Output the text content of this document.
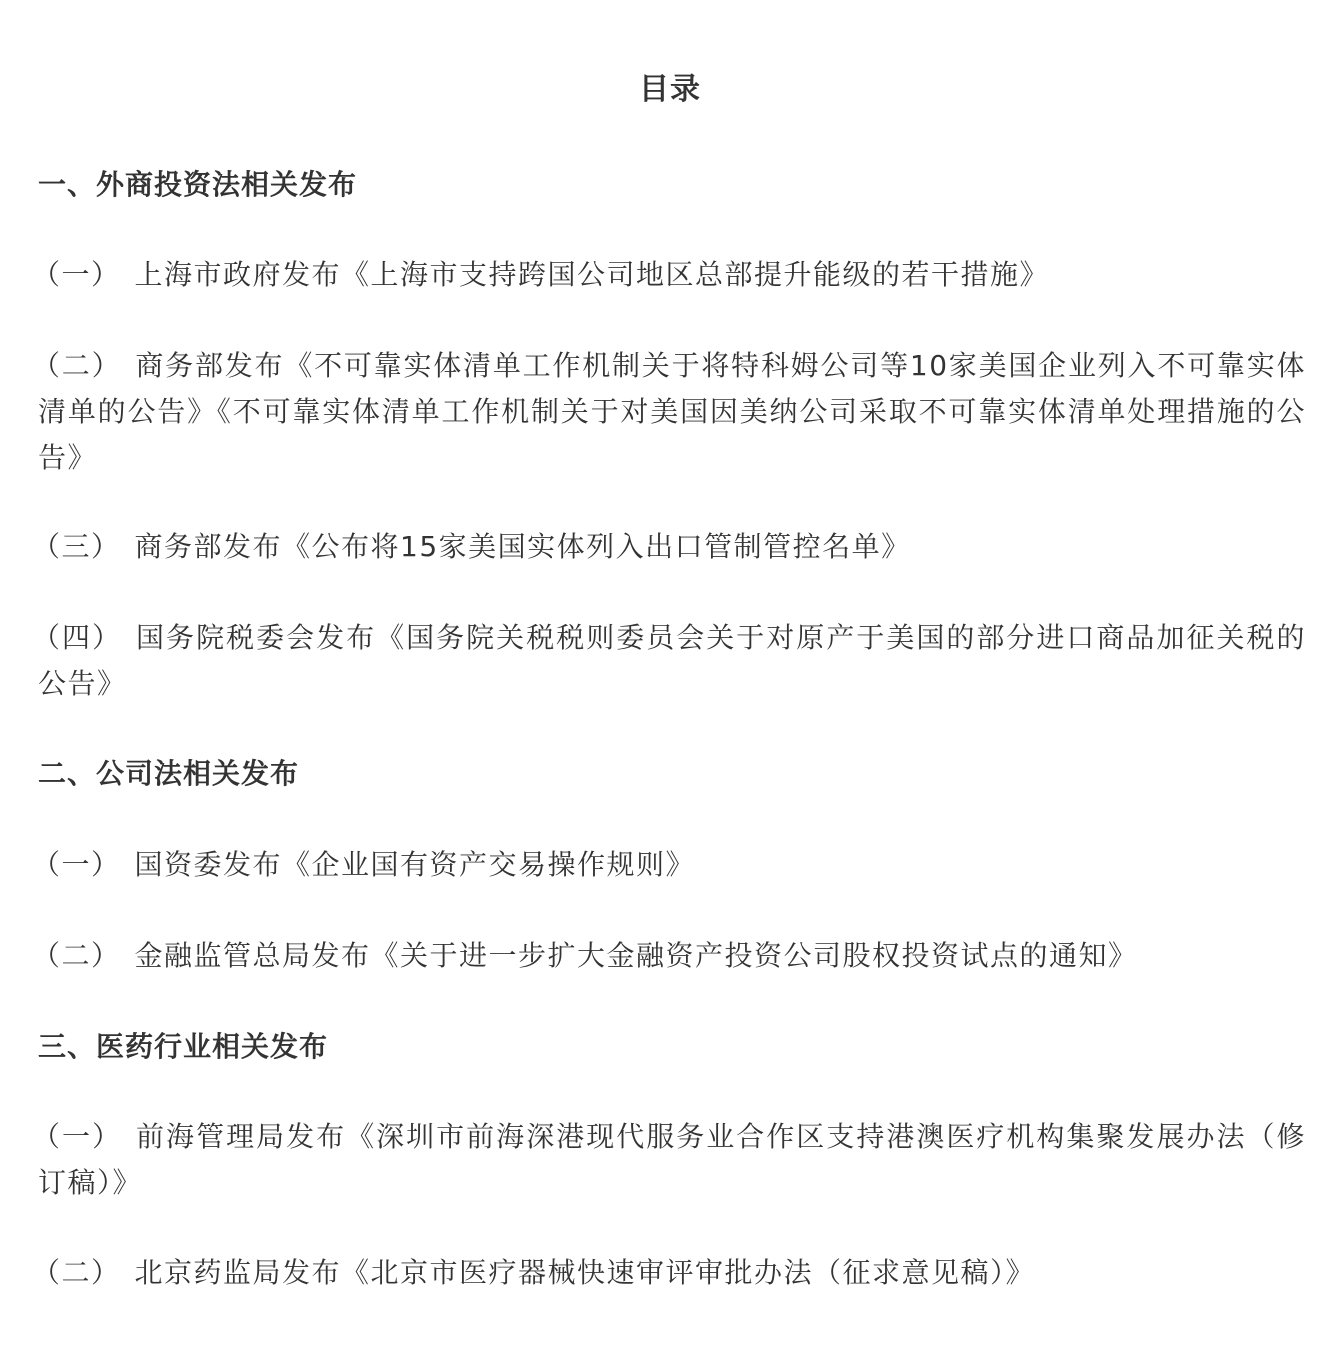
目录

一、外商投资法相关发布

（一） 上海市政府发布《上海市支持跨国公司地区总部提升能级的若干措施》

（二） 商务部发布《不可靠实体清单工作机制关于将特科姆公司等10家美国企业列入不可靠实体清单的公告》《不可靠实体清单工作机制关于对美国因美纳公司采取不可靠实体清单处理措施的公告》

（三） 商务部发布《公布将15家美国实体列入出口管制管控名单》

（四） 国务院税委会发布《国务院关税税则委员会关于对原产于美国的部分进口商品加征关税的公告》

二、公司法相关发布

（一） 国资委发布《企业国有资产交易操作规则》

（二） 金融监管总局发布《关于进一步扩大金融资产投资公司股权投资试点的通知》

三、医药行业相关发布

（一） 前海管理局发布《深圳市前海深港现代服务业合作区支持港澳医疗机构集聚发展办法（修订稿）》

（二） 北京药监局发布《北京市医疗器械快速审评审批办法（征求意见稿）》
